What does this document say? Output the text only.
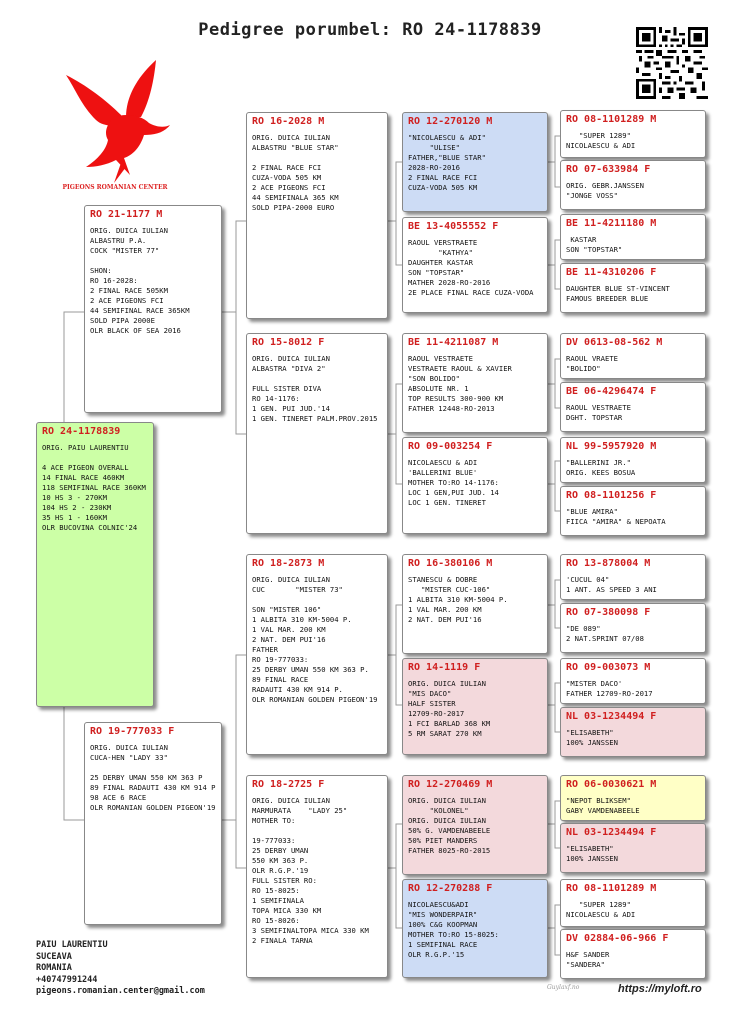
Pedigree porumbel: RO 24-1178839
PIGEONS ROMANIAN CENTER
RO 24-1178839
ORIG. PAIU LAURENTIU

4 ACE PIGEON OVERALL
14 FINAL RACE 460KM
118 SEMIFINAL RACE 360KM
10 HS 3 - 270KM
104 HS 2 - 230KM
35 HS 1 - 160KM
OLR BUCOVINA COLNIC'24
RO 21-1177 M
ORIG. DUICA IULIAN
ALBASTRU P.A.
COCK "MISTER 77"

SHON:
RO 16-2028:
2 FINAL RACE 505KM
2 ACE PIGEONS FCI
44 SEMIFINAL RACE 365KM
SOLD PIPA 2000E
OLR BLACK OF SEA 2016
RO 19-777033 F
ORIG. DUICA IULIAN
CUCA-HEN "LADY 33"

25 DERBY UMAN 550 KM 363 P
89 FINAL RADAUTI 430 KM 914 P
98 ACE 6 RACE
OLR ROMANIAN GOLDEN PIGEON'19
RO 16-2028 M
ORIG. DUICA IULIAN
ALBASTRU "BLUE STAR"

2 FINAL RACE FCI
CUZA-VODA 505 KM
2 ACE PIGEONS FCI
44 SEMIFINALA 365 KM
SOLD PIPA-2000 EURO
RO 15-8012 F
ORIG. DUICA IULIAN
ALBASTRA "DIVA 2"

FULL SISTER DIVA
RO 14-1176:
1 GEN. PUI JUD.'14
1 GEN. TINERET PALM.PROV.2015
RO 18-2873 M
ORIG. DUICA IULIAN
CUC       "MISTER 73"

SON "MISTER 106"
1 ALBITA 310 KM-5004 P.
1 VAL MAR. 200 KM
2 NAT. DEM PUI'16
FATHER
RO 19-777033:
25 DERBY UMAN 550 KM 363 P.
89 FINAL RACE
RADAUTI 430 KM 914 P.
OLR ROMANIAN GOLDEN PIGEON'19
RO 18-2725 F
ORIG. DUICA IULIAN
MARMURATA    "LADY 25"
MOTHER TO:

19-777033:
25 DERBY UMAN
550 KM 363 P.
OLR R.G.P.'19
FULL SISTER RO:
RO 15-8025:
1 SEMIFINALA
TOPA MICA 330 KM
RO 15-8026:
3 SEMIFINALTOPA MICA 330 KM
2 FINALA TARNA
RO 12-270120 M
"NICOLAESCU & ADI"
"ULISE"
FATHER,"BLUE STAR"
2028-RO-2016
2 FINAL RACE FCI
CUZA-VODA 505 KM
BE 13-4055552 F
RAOUL VERSTRAETE
"KATHYA"
DAUGHTER KASTAR
SON "TOPSTAR"
MATHER 2028-RO-2016
2E PLACE FINAL RACE CUZA-VODA
BE 11-4211087 M
RAOUL VESTRAETE
VESTRAETE RAOUL & XAVIER
"SON BOLIDO"
ABSOLUTE NR. 1
TOP RESULTS 300-900 KM
FATHER 12448-RO-2013
RO 09-003254 F
NICOLAESCU & ADI
'BALLERINI BLUE'
MOTHER TO:RO 14-1176:
LOC 1 GEN,PUI JUD. 14
LOC 1 GEN. TINERET
RO 16-380106 M
STANESCU & DOBRE
"MISTER CUC-106"
1 ALBITA 310 KM-5004 P.
1 VAL MAR. 200 KM
2 NAT. DEM PUI'16
RO 14-1119 F
ORIG. DUICA IULIAN
"MIS DACO"
HALF SISTER
12709-RO-2017
1 FCI BARLAD 368 KM
5 RM SARAT 270 KM
RO 12-270469 M
ORIG. DUICA IULIAN
"KOLONEL"
ORIG. DUICA IULIAN
50% G. VAMDENABEELE
50% PIET MANDERS
FATHER 8025-RO-2015
RO 12-270288 F
NICOLAESCU&ADI
"MIS WONDERPAIR"
100% C&G KOOPMAN
MOTHER TO:RO 15-8025:
1 SEMIFINAL RACE
OLR R.G.P.'15
RO 08-1101289 M
"SUPER 1289"
NICOLAESCU & ADI
RO 07-633984 F
ORIG. GEBR.JANSSEN
"JONGE VOSS"
BE 11-4211180 M
KASTAR
SON "TOPSTAR"
BE 11-4310206 F
DAUGHTER BLUE ST-VINCENT
FAMOUS BREEDER BLUE
DV 0613-08-562 M
RAOUL VRAETE
"BOLIDO"
BE 06-4296474 F
RAOUL VESTRAETE
DGHT. TOPSTAR
NL 99-5957920 M
"BALLERINI JR."
ORIG. KEES BOSUA
RO 08-1101256 F
"BLUE AMIRA"
FIICA "AMIRA" & NEPOATA
RO 13-878004 M
'CUCUL 04"
1 ANT. AS SPEED 3 ANI
RO 07-380098 F
"DE 089"
2 NAT.SPRINT 07/08
RO 09-003073 M
"MISTER DACO'
FATHER 12709-RO-2017
NL 03-1234494 F
"ELISABETH"
100% JANSSEN
RO 06-0030621 M
"NEPOT BLIKSEM"
GABY VAMDENABEELE
NL 03-1234494 F
"ELISABETH"
100% JANSSEN
RO 08-1101289 M
"SUPER 1289"
NICOLAESCU & ADI
DV 02884-06-966 F
H&F SANDER
"SANDERA"
PAIU LAURENTIU
SUCEAVA
ROMANIA
+40747991244
pigeons.romanian.center@gmail.com	Guylaxf.no	https://myloft.ro
